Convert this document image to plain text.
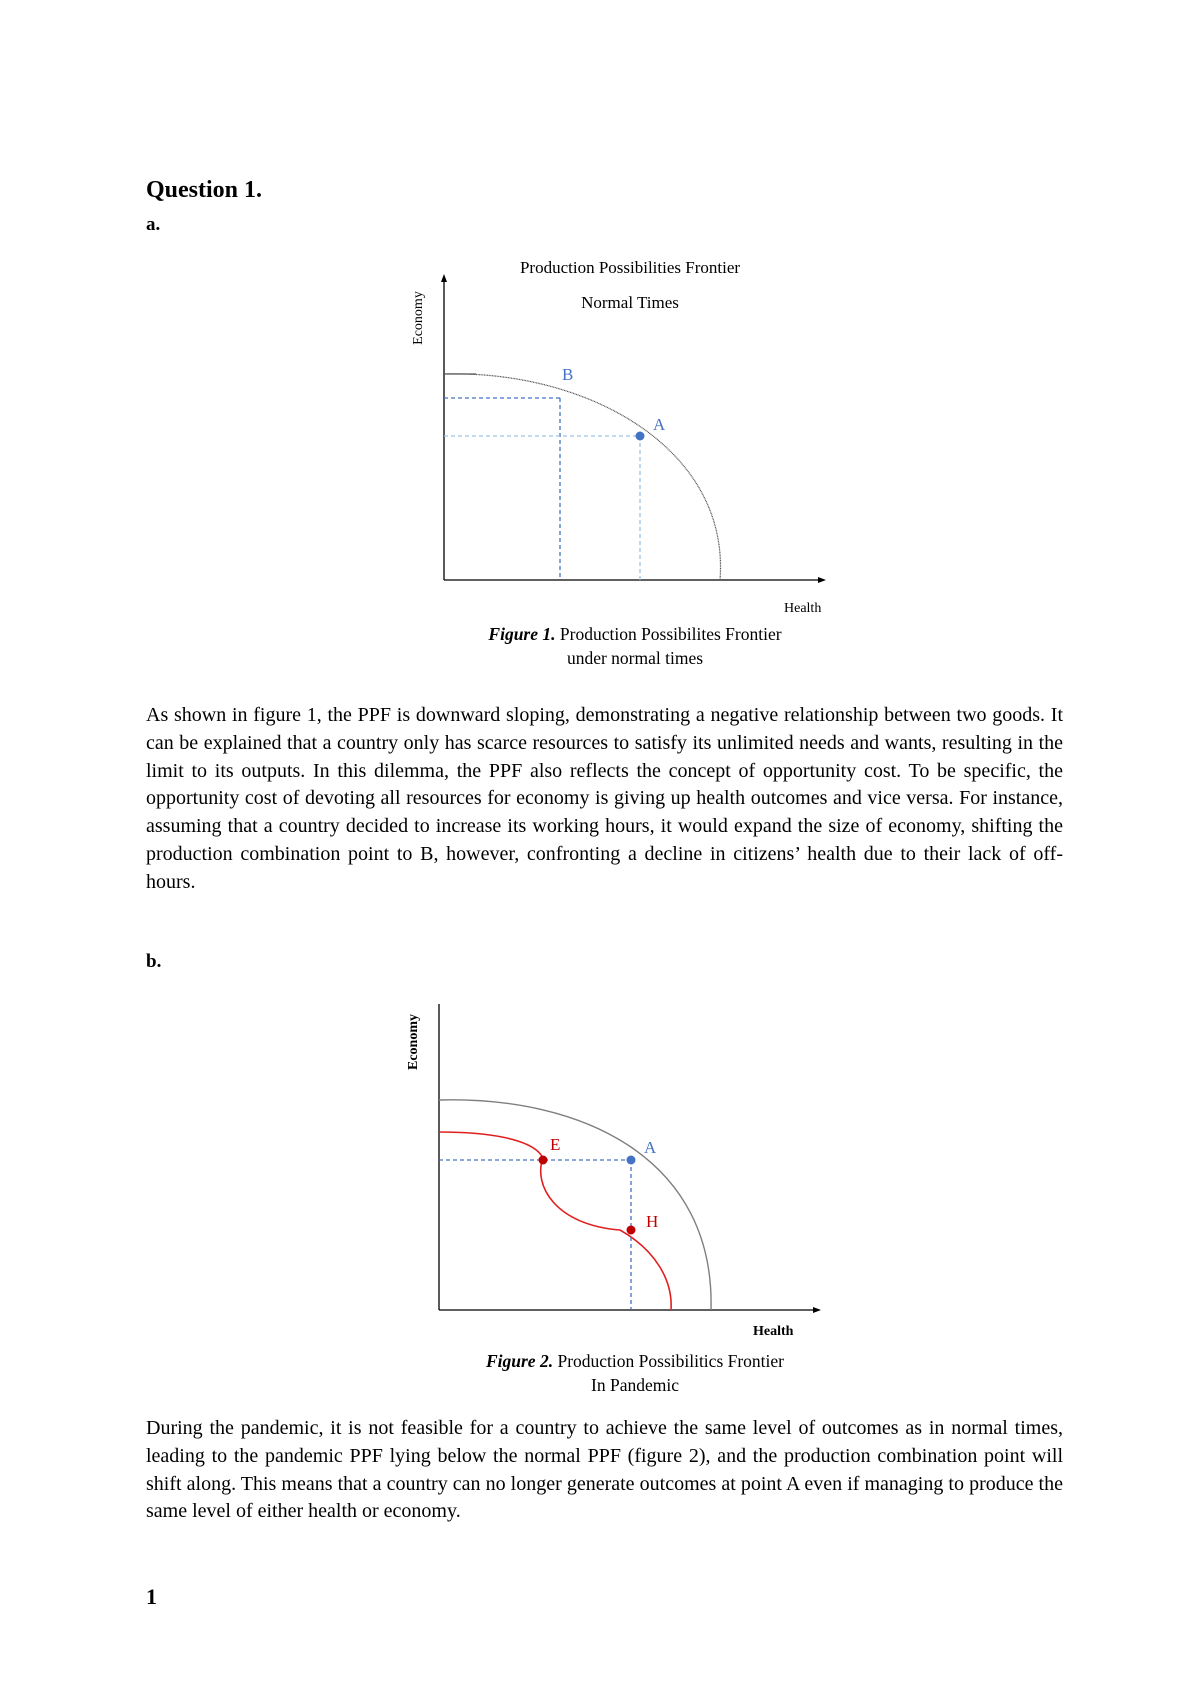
Question 1.
a.
Production Possibilities Frontier
Normal Times
Economy
Health
B
A
Figure 1. Production Possibilites Frontier
under normal times

As shown in figure 1, the PPF is downward sloping, demonstrating a negative relationship between two goods. It can be explained that a country only has scarce resources to satisfy its unlimited needs and wants, resulting in the limit to its outputs. In this dilemma, the PPF also reflects the concept of opportunity cost. To be specific, the opportunity cost of devoting all resources for economy is giving up health outcomes and vice versa. For instance, assuming that a country decided to increase its working hours, it would expand the size of economy, shifting the production combination point to B, however, confronting a decline in citizens’ health due to their lack of off-hours.

b.
Economy
Health
E	A
H
Figure 2. Production Possibilitics Frontier
In Pandemic

During the pandemic, it is not feasible for a country to achieve the same level of outcomes as in normal times, leading to the pandemic PPF lying below the normal PPF (figure 2), and the production combination point will shift along. This means that a country can no longer generate outcomes at point A even if managing to produce the same level of either health or economy.

1
